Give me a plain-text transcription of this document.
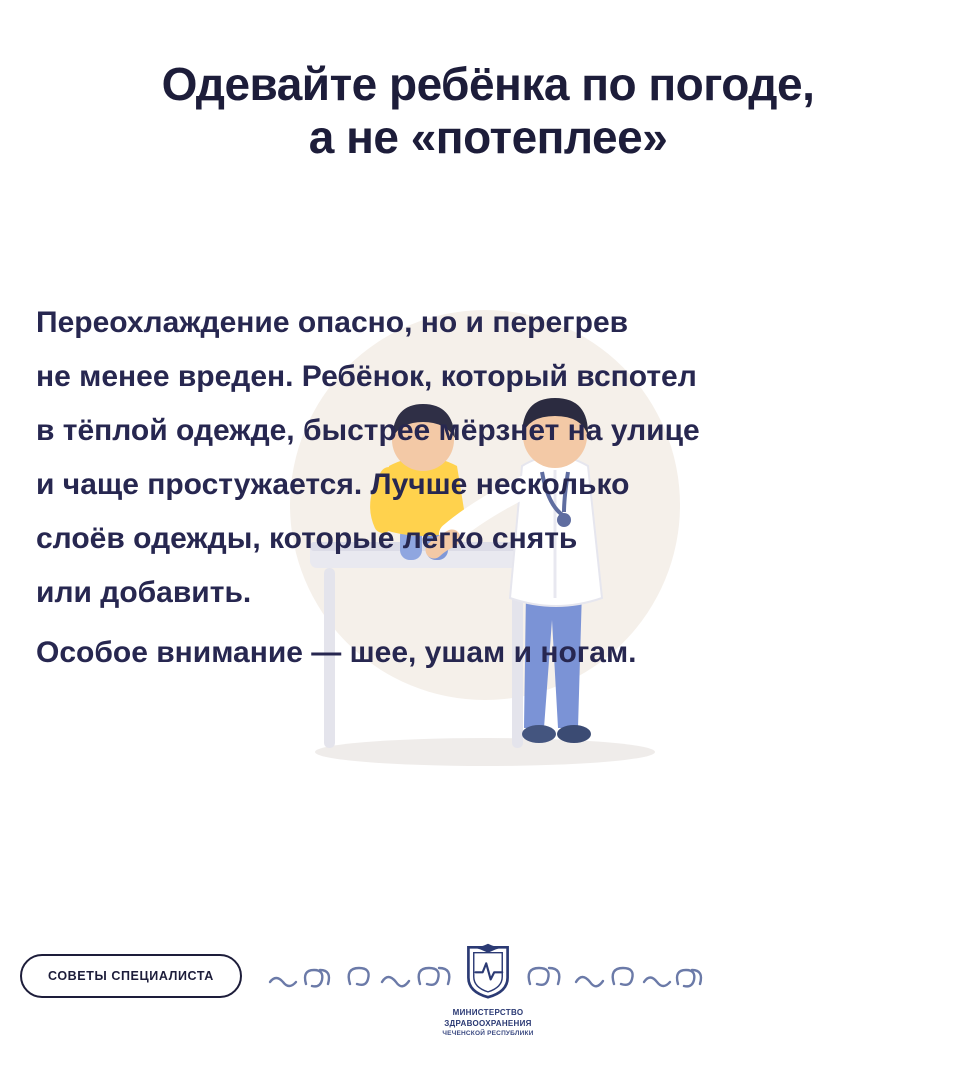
Одевайте ребёнка по погоде,
а не «потеплее»
Переохлаждение опасно, но и перегрев
не менее вреден. Ребёнок, который вспотел
в тёплой одежде, быстрее мёрзнет на улице
и чаще простужается. Лучше несколько
слоёв одежды, которые легко снять
или добавить.
Особое внимание — шее, ушам и ногам.
СОВЕТЫ СПЕЦИАЛИСТА
МИНИСТЕРСТВО
ЗДРАВООХРАНЕНИЯ
ЧЕЧЕНСКОЙ РЕСПУБЛИКИ
